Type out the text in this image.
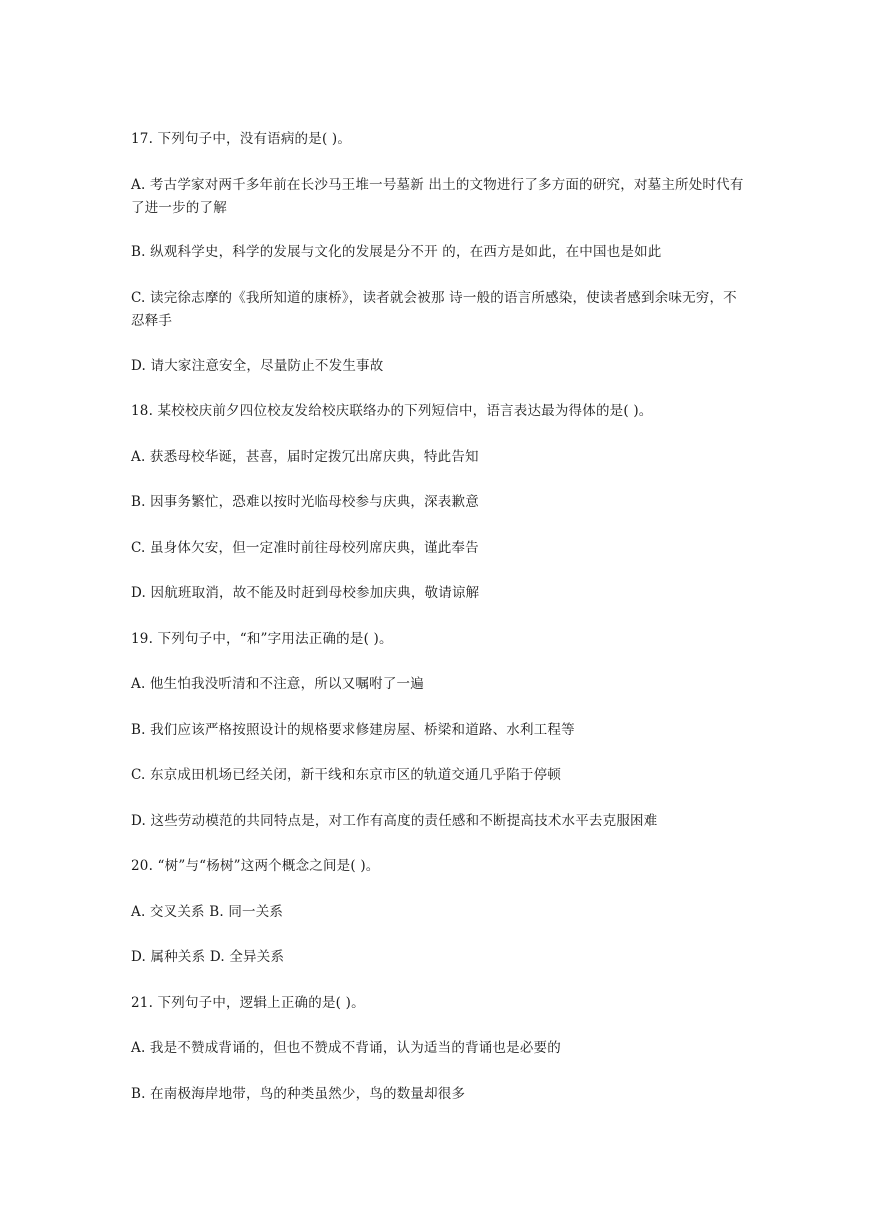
17. 下列句子中，没有语病的是( )。
A. 考古学家对两千多年前在长沙马王堆一号墓新 出土的文物进行了多方面的研究，对墓主所处时代有了进一步的了解
B. 纵观科学史，科学的发展与文化的发展是分不开 的，在西方是如此，在中国也是如此
C. 读完徐志摩的《我所知道的康桥》，读者就会被那 诗一般的语言所感染，使读者感到余味无穷，不忍释手
D. 请大家注意安全，尽量防止不发生事故
18. 某校校庆前夕四位校友发给校庆联络办的下列短信中，语言表达最为得体的是( )。
A. 获悉母校华诞，甚喜，届时定拨冗出席庆典，特此告知
B. 因事务繁忙，恐难以按时光临母校参与庆典，深表歉意
C. 虽身体欠安，但一定准时前往母校列席庆典，谨此奉告
D. 因航班取消，故不能及时赶到母校参加庆典，敬请谅解
19. 下列句子中，“和”字用法正确的是( )。
A. 他生怕我没听清和不注意，所以又嘱咐了一遍
B. 我们应该严格按照设计的规格要求修建房屋、桥梁和道路、水利工程等
C. 东京成田机场已经关闭，新干线和东京市区的轨道交通几乎陷于停顿
D. 这些劳动模范的共同特点是，对工作有高度的责任感和不断提高技术水平去克服困难
20. “树”与“杨树”这两个概念之间是( )。
A. 交叉关系 B. 同一关系
D. 属种关系 D. 全异关系
21. 下列句子中，逻辑上正确的是( )。
A. 我是不赞成背诵的，但也不赞成不背诵，认为适当的背诵也是必要的
B. 在南极海岸地带，鸟的种类虽然少，鸟的数量却很多
